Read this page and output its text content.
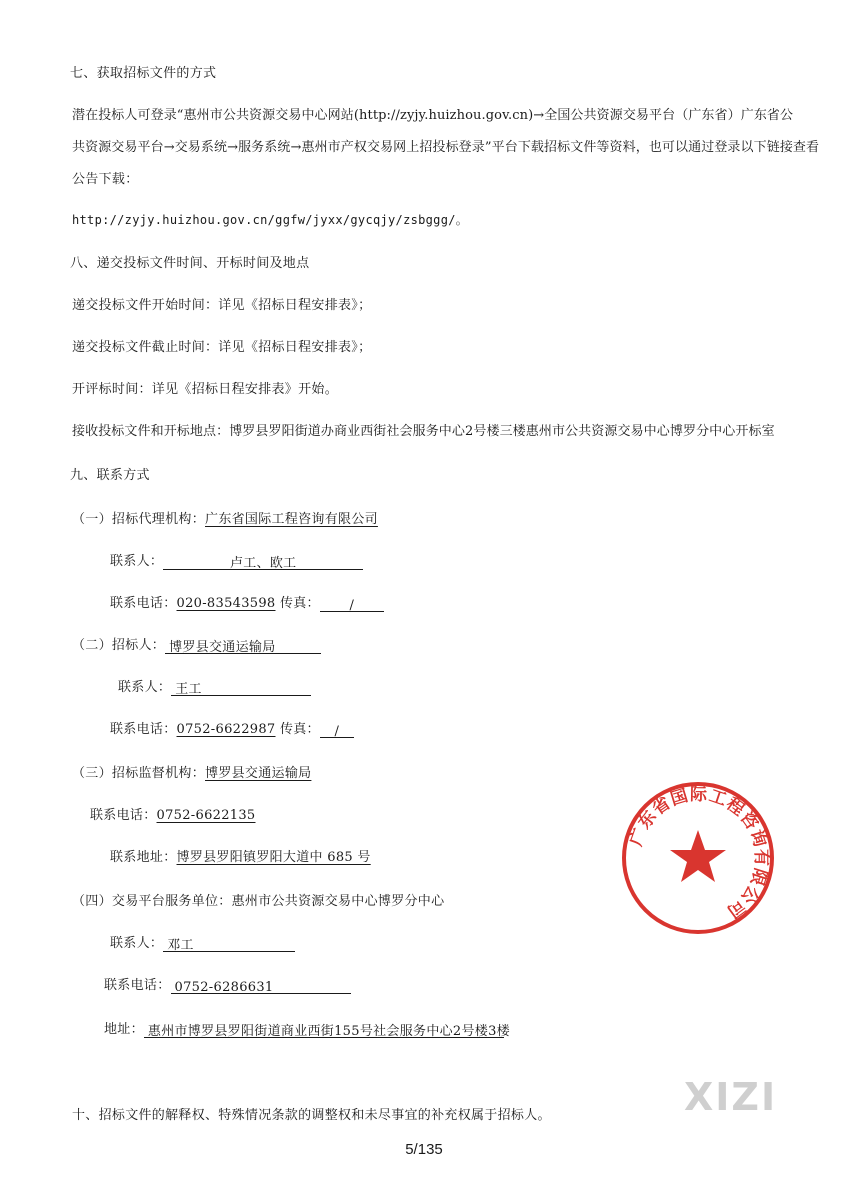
七、获取招标文件的方式
潜在投标人可登录“惠州市公共资源交易中心网站(http://zyjy.huizhou.gov.cn)→全国公共资源交易平台（广东省）广东省公
共资源交易平台→交易系统→服务系统→惠州市产权交易网上招投标登录”平台下载招标文件等资料，也可以通过登录以下链接查看
公告下载：
http://zyjy.huizhou.gov.cn/ggfw/jyxx/gycqjy/zsbggg/。
八、递交投标文件时间、开标时间及地点
递交投标文件开始时间：详见《招标日程安排表》；
递交投标文件截止时间：详见《招标日程安排表》；
开评标时间：详见《招标日程安排表》开始。
接收投标文件和开标地点：博罗县罗阳街道办商业西街社会服务中心2号楼三楼惠州市公共资源交易中心博罗分中心开标室
九、联系方式
（一）招标代理机构：广东省国际工程咨询有限公司
联系人：	卢工、欧工
联系电话：020-83543598 传真： /
（二）招标人： 博罗县交通运输局
联系人： 王工
联系电话：0752-6622987 传真： /
（三）招标监督机构：博罗县交通运输局
联系电话：0752-6622135
联系地址：博罗县罗阳镇罗阳大道中 685 号
（四）交易平台服务单位：惠州市公共资源交易中心博罗分中心
联系人： 邓工
联系电话： 0752-6286631
地址： 惠州市博罗县罗阳街道商业西街155号社会服务中心2号楼3楼
十、招标文件的解释权、特殊情况条款的调整权和未尽事宜的补充权属于招标人。
5/135
广东省国际工程咨询有限公司
XIZI
